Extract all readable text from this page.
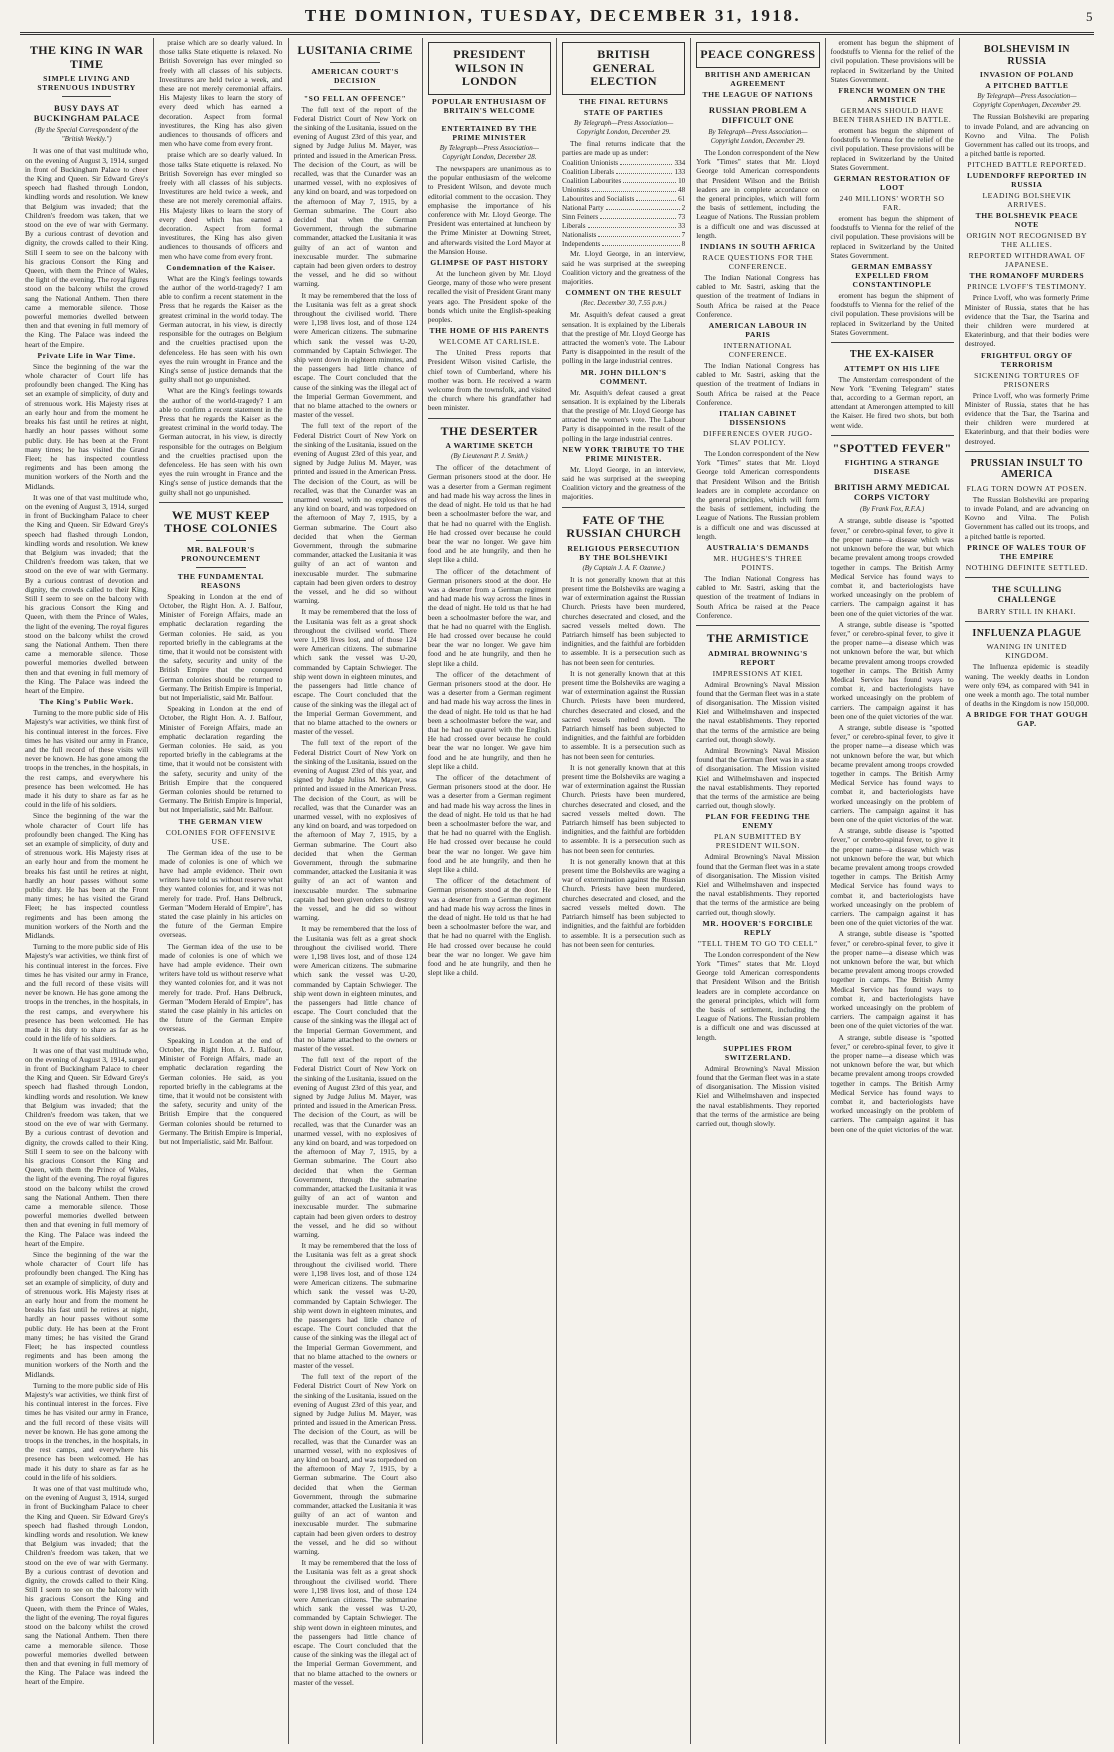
THE DOMINION, TUESDAY, DECEMBER 31, 1918.	5
THE KING IN WAR TIME
SIMPLE LIVING AND STRENUOUS INDUSTRY
BUSY DAYS AT BUCKINGHAM PALACE
(By the Special Correspondent of the "British Weekly.")

It was one of that vast multitude who, on the evening of August 3, 1914, surged in front of Buckingham Palace to cheer the King and Queen. Sir Edward Grey's speech had flashed through London, kindling words and resolution. We knew that Belgium was invaded; that the Children's freedom was taken, that we stood on the eve of war with Germany. By a curious contrast of devotion and dignity, the crowds called to their King. Still I seem to see on the balcony with his gracious Consort the King and Queen, with them the Prince of Wales, the light of the evening. The royal figures stood on the balcony whilst the crowd sang the National Anthem. Then there came a memorable silence. Those powerful memories dwelled between then and that evening in full memory of the King. The Palace was indeed the heart of the Empire.

Private Life in War Time.

Since the beginning of the war the whole character of Court life has profoundly been changed. The King has set an example of simplicity, of duty and of strenuous work. His Majesty rises at an early hour and from the moment he breaks his fast until he retires at night, hardly an hour passes without some public duty. He has been at the Front many times; he has visited the Grand Fleet; he has inspected countless regiments and has been among the munition workers of the North and the Midlands.

It was one of that vast multitude who, on the evening of August 3, 1914, surged in front of Buckingham Palace to cheer the King and Queen. Sir Edward Grey's speech had flashed through London, kindling words and resolution. We knew that Belgium was invaded; that the Children's freedom was taken, that we stood on the eve of war with Germany. By a curious contrast of devotion and dignity, the crowds called to their King. Still I seem to see on the balcony with his gracious Consort the King and Queen, with them the Prince of Wales, the light of the evening. The royal figures stood on the balcony whilst the crowd sang the National Anthem. Then there came a memorable silence. Those powerful memories dwelled between then and that evening in full memory of the King. The Palace was indeed the heart of the Empire.

The King's Public Work.

Turning to the more public side of His Majesty's war activities, we think first of his continual interest in the forces. Five times he has visited our army in France, and the full record of these visits will never be known. He has gone among the troops in the trenches, in the hospitals, in the rest camps, and everywhere his presence has been welcomed. He has made it his duty to share as far as he could in the life of his soldiers.

Since the beginning of the war the whole character of Court life has profoundly been changed. The King has set an example of simplicity, of duty and of strenuous work. His Majesty rises at an early hour and from the moment he breaks his fast until he retires at night, hardly an hour passes without some public duty. He has been at the Front many times; he has visited the Grand Fleet; he has inspected countless regiments and has been among the munition workers of the North and the Midlands.

Turning to the more public side of His Majesty's war activities, we think first of his continual interest in the forces. Five times he has visited our army in France, and the full record of these visits will never be known. He has gone among the troops in the trenches, in the hospitals, in the rest camps, and everywhere his presence has been welcomed. He has made it his duty to share as far as he could in the life of his soldiers.

It was one of that vast multitude who, on the evening of August 3, 1914, surged in front of Buckingham Palace to cheer the King and Queen. Sir Edward Grey's speech had flashed through London, kindling words and resolution. We knew that Belgium was invaded; that the Children's freedom was taken, that we stood on the eve of war with Germany. By a curious contrast of devotion and dignity, the crowds called to their King. Still I seem to see on the balcony with his gracious Consort the King and Queen, with them the Prince of Wales, the light of the evening. The royal figures stood on the balcony whilst the crowd sang the National Anthem. Then there came a memorable silence. Those powerful memories dwelled between then and that evening in full memory of the King. The Palace was indeed the heart of the Empire.

Since the beginning of the war the whole character of Court life has profoundly been changed. The King has set an example of simplicity, of duty and of strenuous work. His Majesty rises at an early hour and from the moment he breaks his fast until he retires at night, hardly an hour passes without some public duty. He has been at the Front many times; he has visited the Grand Fleet; he has inspected countless regiments and has been among the munition workers of the North and the Midlands.

Turning to the more public side of His Majesty's war activities, we think first of his continual interest in the forces. Five times he has visited our army in France, and the full record of these visits will never be known. He has gone among the troops in the trenches, in the hospitals, in the rest camps, and everywhere his presence has been welcomed. He has made it his duty to share as far as he could in the life of his soldiers.

It was one of that vast multitude who, on the evening of August 3, 1914, surged in front of Buckingham Palace to cheer the King and Queen. Sir Edward Grey's speech had flashed through London, kindling words and resolution. We knew that Belgium was invaded; that the Children's freedom was taken, that we stood on the eve of war with Germany. By a curious contrast of devotion and dignity, the crowds called to their King. Still I seem to see on the balcony with his gracious Consort the King and Queen, with them the Prince of Wales, the light of the evening. The royal figures stood on the balcony whilst the crowd sang the National Anthem. Then there came a memorable silence. Those powerful memories dwelled between then and that evening in full memory of the King. The Palace was indeed the heart of the Empire.

praise which are so dearly valued. In those talks State etiquette is relaxed. No British Sovereign has ever mingled so freely with all classes of his subjects. Investitures are held twice a week, and these are not merely ceremonial affairs. His Majesty likes to learn the story of every deed which has earned a decoration. Aspect from formal investitures, the King has also given audiences to thousands of officers and men who have come from every front.

praise which are so dearly valued. In those talks State etiquette is relaxed. No British Sovereign has ever mingled so freely with all classes of his subjects. Investitures are held twice a week, and these are not merely ceremonial affairs. His Majesty likes to learn the story of every deed which has earned a decoration. Aspect from formal investitures, the King has also given audiences to thousands of officers and men who have come from every front.

Condemnation of the Kaiser.

What are the King's feelings towards the author of the world-tragedy? I am able to confirm a recent statement in the Press that he regards the Kaiser as the greatest criminal in the world today. The German autocrat, in his view, is directly responsible for the outrages on Belgium and the cruelties practised upon the defenceless. He has seen with his own eyes the ruin wrought in France and the King's sense of justice demands that the guilty shall not go unpunished.

What are the King's feelings towards the author of the world-tragedy? I am able to confirm a recent statement in the Press that he regards the Kaiser as the greatest criminal in the world today. The German autocrat, in his view, is directly responsible for the outrages on Belgium and the cruelties practised upon the defenceless. He has seen with his own eyes the ruin wrought in France and the King's sense of justice demands that the guilty shall not go unpunished.

WE MUST KEEP THOSE COLONIES
MR. BALFOUR'S PRONOUNCEMENT
THE FUNDAMENTAL REASONS

Speaking in London at the end of October, the Right Hon. A. J. Balfour, Minister of Foreign Affairs, made an emphatic declaration regarding the German colonies. He said, as you reported briefly in the cablegrams at the time, that it would not be consistent with the safety, security and unity of the British Empire that the conquered German colonies should be returned to Germany. The British Empire is Imperial, but not Imperialistic, said Mr. Balfour.

Speaking in London at the end of October, the Right Hon. A. J. Balfour, Minister of Foreign Affairs, made an emphatic declaration regarding the German colonies. He said, as you reported briefly in the cablegrams at the time, that it would not be consistent with the safety, security and unity of the British Empire that the conquered German colonies should be returned to Germany. The British Empire is Imperial, but not Imperialistic, said Mr. Balfour.

THE GERMAN VIEW
COLONIES FOR OFFENSIVE USE.

The German idea of the use to be made of colonies is one of which we have had ample evidence. Their own writers have told us without reserve what they wanted colonies for, and it was not merely for trade. Prof. Hans Delbruck, German "Modern Herald of Empire", has stated the case plainly in his articles on the future of the German Empire overseas.

The German idea of the use to be made of colonies is one of which we have had ample evidence. Their own writers have told us without reserve what they wanted colonies for, and it was not merely for trade. Prof. Hans Delbruck, German "Modern Herald of Empire", has stated the case plainly in his articles on the future of the German Empire overseas.

Speaking in London at the end of October, the Right Hon. A. J. Balfour, Minister of Foreign Affairs, made an emphatic declaration regarding the German colonies. He said, as you reported briefly in the cablegrams at the time, that it would not be consistent with the safety, security and unity of the British Empire that the conquered German colonies should be returned to Germany. The British Empire is Imperial, but not Imperialistic, said Mr. Balfour.

LUSITANIA CRIME
AMERICAN COURT'S DECISION
"SO FELL AN OFFENCE"

The full text of the report of the Federal District Court of New York on the sinking of the Lusitania, issued on the evening of August 23rd of this year, and signed by Judge Julius M. Mayer, was printed and issued in the American Press. The decision of the Court, as will be recalled, was that the Cunarder was an unarmed vessel, with no explosives of any kind on board, and was torpedoed on the afternoon of May 7, 1915, by a German submarine. The Court also decided that when the German Government, through the submarine commander, attacked the Lusitania it was guilty of an act of wanton and inexcusable murder. The submarine captain had been given orders to destroy the vessel, and he did so without warning.

It may be remembered that the loss of the Lusitania was felt as a great shock throughout the civilised world. There were 1,198 lives lost, and of those 124 were American citizens. The submarine which sank the vessel was U-20, commanded by Captain Schwieger. The ship went down in eighteen minutes, and the passengers had little chance of escape. The Court concluded that the cause of the sinking was the illegal act of the Imperial German Government, and that no blame attached to the owners or master of the vessel.

The full text of the report of the Federal District Court of New York on the sinking of the Lusitania, issued on the evening of August 23rd of this year, and signed by Judge Julius M. Mayer, was printed and issued in the American Press. The decision of the Court, as will be recalled, was that the Cunarder was an unarmed vessel, with no explosives of any kind on board, and was torpedoed on the afternoon of May 7, 1915, by a German submarine. The Court also decided that when the German Government, through the submarine commander, attacked the Lusitania it was guilty of an act of wanton and inexcusable murder. The submarine captain had been given orders to destroy the vessel, and he did so without warning.

It may be remembered that the loss of the Lusitania was felt as a great shock throughout the civilised world. There were 1,198 lives lost, and of those 124 were American citizens. The submarine which sank the vessel was U-20, commanded by Captain Schwieger. The ship went down in eighteen minutes, and the passengers had little chance of escape. The Court concluded that the cause of the sinking was the illegal act of the Imperial German Government, and that no blame attached to the owners or master of the vessel.

The full text of the report of the Federal District Court of New York on the sinking of the Lusitania, issued on the evening of August 23rd of this year, and signed by Judge Julius M. Mayer, was printed and issued in the American Press. The decision of the Court, as will be recalled, was that the Cunarder was an unarmed vessel, with no explosives of any kind on board, and was torpedoed on the afternoon of May 7, 1915, by a German submarine. The Court also decided that when the German Government, through the submarine commander, attacked the Lusitania it was guilty of an act of wanton and inexcusable murder. The submarine captain had been given orders to destroy the vessel, and he did so without warning.

It may be remembered that the loss of the Lusitania was felt as a great shock throughout the civilised world. There were 1,198 lives lost, and of those 124 were American citizens. The submarine which sank the vessel was U-20, commanded by Captain Schwieger. The ship went down in eighteen minutes, and the passengers had little chance of escape. The Court concluded that the cause of the sinking was the illegal act of the Imperial German Government, and that no blame attached to the owners or master of the vessel.

The full text of the report of the Federal District Court of New York on the sinking of the Lusitania, issued on the evening of August 23rd of this year, and signed by Judge Julius M. Mayer, was printed and issued in the American Press. The decision of the Court, as will be recalled, was that the Cunarder was an unarmed vessel, with no explosives of any kind on board, and was torpedoed on the afternoon of May 7, 1915, by a German submarine. The Court also decided that when the German Government, through the submarine commander, attacked the Lusitania it was guilty of an act of wanton and inexcusable murder. The submarine captain had been given orders to destroy the vessel, and he did so without warning.

It may be remembered that the loss of the Lusitania was felt as a great shock throughout the civilised world. There were 1,198 lives lost, and of those 124 were American citizens. The submarine which sank the vessel was U-20, commanded by Captain Schwieger. The ship went down in eighteen minutes, and the passengers had little chance of escape. The Court concluded that the cause of the sinking was the illegal act of the Imperial German Government, and that no blame attached to the owners or master of the vessel.

The full text of the report of the Federal District Court of New York on the sinking of the Lusitania, issued on the evening of August 23rd of this year, and signed by Judge Julius M. Mayer, was printed and issued in the American Press. The decision of the Court, as will be recalled, was that the Cunarder was an unarmed vessel, with no explosives of any kind on board, and was torpedoed on the afternoon of May 7, 1915, by a German submarine. The Court also decided that when the German Government, through the submarine commander, attacked the Lusitania it was guilty of an act of wanton and inexcusable murder. The submarine captain had been given orders to destroy the vessel, and he did so without warning.

It may be remembered that the loss of the Lusitania was felt as a great shock throughout the civilised world. There were 1,198 lives lost, and of those 124 were American citizens. The submarine which sank the vessel was U-20, commanded by Captain Schwieger. The ship went down in eighteen minutes, and the passengers had little chance of escape. The Court concluded that the cause of the sinking was the illegal act of the Imperial German Government, and that no blame attached to the owners or master of the vessel.

PRESIDENT WILSON IN LONDON
POPULAR ENTHUSIASM OF BRITAIN'S WELCOME
ENTERTAINED BY THE PRIME MINISTER
By Telegraph—Press Association—Copyright London, December 28.

The newspapers are unanimous as to the popular enthusiasm of the welcome to President Wilson, and devote much editorial comment to the occasion. They emphasise the importance of his conference with Mr. Lloyd George. The President was entertained at luncheon by the Prime Minister at Downing Street, and afterwards visited the Lord Mayor at the Mansion House.

GLIMPSE OF PAST HISTORY

At the luncheon given by Mr. Lloyd George, many of those who were present recalled the visit of President Grant many years ago. The President spoke of the bonds which unite the English-speaking peoples.

THE HOME OF HIS PARENTS
WELCOME AT CARLISLE.

The United Press reports that President Wilson visited Carlisle, the chief town of Cumberland, where his mother was born. He received a warm welcome from the townsfolk, and visited the church where his grandfather had been minister.

THE DESERTER
A WARTIME SKETCH
(By Lieutenant P. J. Smith.)

The officer of the detachment of German prisoners stood at the door. He was a deserter from a German regiment and had made his way across the lines in the dead of night. He told us that he had been a schoolmaster before the war, and that he had no quarrel with the English. He had crossed over because he could bear the war no longer. We gave him food and he ate hungrily, and then he slept like a child.

The officer of the detachment of German prisoners stood at the door. He was a deserter from a German regiment and had made his way across the lines in the dead of night. He told us that he had been a schoolmaster before the war, and that he had no quarrel with the English. He had crossed over because he could bear the war no longer. We gave him food and he ate hungrily, and then he slept like a child.

The officer of the detachment of German prisoners stood at the door. He was a deserter from a German regiment and had made his way across the lines in the dead of night. He told us that he had been a schoolmaster before the war, and that he had no quarrel with the English. He had crossed over because he could bear the war no longer. We gave him food and he ate hungrily, and then he slept like a child.

The officer of the detachment of German prisoners stood at the door. He was a deserter from a German regiment and had made his way across the lines in the dead of night. He told us that he had been a schoolmaster before the war, and that he had no quarrel with the English. He had crossed over because he could bear the war no longer. We gave him food and he ate hungrily, and then he slept like a child.

The officer of the detachment of German prisoners stood at the door. He was a deserter from a German regiment and had made his way across the lines in the dead of night. He told us that he had been a schoolmaster before the war, and that he had no quarrel with the English. He had crossed over because he could bear the war no longer. We gave him food and he ate hungrily, and then he slept like a child.

BRITISH GENERAL ELECTION
THE FINAL RETURNS
STATE OF PARTIES
By Telegraph—Press Association—Copyright London, December 29.

The final returns indicate that the parties are made up as under:

Coalition Unionists	334
Coalition Liberals	133
Coalition Labourites	10
Unionists	48
Labourites and Socialists	61
National Party	2
Sinn Feiners	73
Liberals	33
Nationalists	7
Independents	8

Mr. Lloyd George, in an interview, said he was surprised at the sweeping Coalition victory and the greatness of the majorities.

COMMENT ON THE RESULT
(Rec. December 30, 7.55 p.m.)

Mr. Asquith's defeat caused a great sensation. It is explained by the Liberals that the prestige of Mr. Lloyd George has attracted the women's vote. The Labour Party is disappointed in the result of the polling in the large industrial centres.

MR. JOHN DILLON'S COMMENT.

Mr. Asquith's defeat caused a great sensation. It is explained by the Liberals that the prestige of Mr. Lloyd George has attracted the women's vote. The Labour Party is disappointed in the result of the polling in the large industrial centres.

NEW YORK TRIBUTE TO THE PRIME MINISTER.

Mr. Lloyd George, in an interview, said he was surprised at the sweeping Coalition victory and the greatness of the majorities.

FATE OF THE RUSSIAN CHURCH
RELIGIOUS PERSECUTION BY THE BOLSHEVIKI
(By Captain J. A. F. Ozanne.)

It is not generally known that at this present time the Bolsheviks are waging a war of extermination against the Russian Church. Priests have been murdered, churches desecrated and closed, and the sacred vessels melted down. The Patriarch himself has been subjected to indignities, and the faithful are forbidden to assemble. It is a persecution such as has not been seen for centuries.

It is not generally known that at this present time the Bolsheviks are waging a war of extermination against the Russian Church. Priests have been murdered, churches desecrated and closed, and the sacred vessels melted down. The Patriarch himself has been subjected to indignities, and the faithful are forbidden to assemble. It is a persecution such as has not been seen for centuries.

It is not generally known that at this present time the Bolsheviks are waging a war of extermination against the Russian Church. Priests have been murdered, churches desecrated and closed, and the sacred vessels melted down. The Patriarch himself has been subjected to indignities, and the faithful are forbidden to assemble. It is a persecution such as has not been seen for centuries.

It is not generally known that at this present time the Bolsheviks are waging a war of extermination against the Russian Church. Priests have been murdered, churches desecrated and closed, and the sacred vessels melted down. The Patriarch himself has been subjected to indignities, and the faithful are forbidden to assemble. It is a persecution such as has not been seen for centuries.

PEACE CONGRESS
BRITISH AND AMERICAN AGREEMENT
THE LEAGUE OF NATIONS
RUSSIAN PROBLEM A DIFFICULT ONE
By Telegraph—Press Association—Copyright London, December 29.

The London correspondent of the New York "Times" states that Mr. Lloyd George told American correspondents that President Wilson and the British leaders are in complete accordance on the general principles, which will form the basis of settlement, including the League of Nations. The Russian problem is a difficult one and was discussed at length.

INDIANS IN SOUTH AFRICA
RACE QUESTIONS FOR THE CONFERENCE.

The Indian National Congress has cabled to Mr. Sastri, asking that the question of the treatment of Indians in South Africa be raised at the Peace Conference.

AMERICAN LABOUR IN PARIS
INTERNATIONAL CONFERENCE.

The Indian National Congress has cabled to Mr. Sastri, asking that the question of the treatment of Indians in South Africa be raised at the Peace Conference.

ITALIAN CABINET DISSENSIONS
DIFFERENCES OVER JUGO-SLAV POLICY.

The London correspondent of the New York "Times" states that Mr. Lloyd George told American correspondents that President Wilson and the British leaders are in complete accordance on the general principles, which will form the basis of settlement, including the League of Nations. The Russian problem is a difficult one and was discussed at length.

AUSTRALIA'S DEMANDS
MR. HUGHES'S THREE POINTS.

The Indian National Congress has cabled to Mr. Sastri, asking that the question of the treatment of Indians in South Africa be raised at the Peace Conference.

THE ARMISTICE
ADMIRAL BROWNING'S REPORT
IMPRESSIONS AT KIEL

Admiral Browning's Naval Mission found that the German fleet was in a state of disorganisation. The Mission visited Kiel and Wilhelmshaven and inspected the naval establishments. They reported that the terms of the armistice are being carried out, though slowly.

Admiral Browning's Naval Mission found that the German fleet was in a state of disorganisation. The Mission visited Kiel and Wilhelmshaven and inspected the naval establishments. They reported that the terms of the armistice are being carried out, though slowly.

PLAN FOR FEEDING THE ENEMY
PLAN SUBMITTED BY PRESIDENT WILSON.

Admiral Browning's Naval Mission found that the German fleet was in a state of disorganisation. The Mission visited Kiel and Wilhelmshaven and inspected the naval establishments. They reported that the terms of the armistice are being carried out, though slowly.

MR. HOOVER'S FORCIBLE REPLY
"TELL THEM TO GO TO CELL"

The London correspondent of the New York "Times" states that Mr. Lloyd George told American correspondents that President Wilson and the British leaders are in complete accordance on the general principles, which will form the basis of settlement, including the League of Nations. The Russian problem is a difficult one and was discussed at length.

SUPPLIES FROM SWITZERLAND.

Admiral Browning's Naval Mission found that the German fleet was in a state of disorganisation. The Mission visited Kiel and Wilhelmshaven and inspected the naval establishments. They reported that the terms of the armistice are being carried out, though slowly.

eroment has begun the shipment of foodstuffs to Vienna for the relief of the civil population. These provisions will be replaced in Switzerland by the United States Government.

FRENCH WOMEN ON THE ARMISTICE
GERMANS SHOULD HAVE BEEN THRASHED IN BATTLE.

eroment has begun the shipment of foodstuffs to Vienna for the relief of the civil population. These provisions will be replaced in Switzerland by the United States Government.

GERMAN RESTORATION OF LOOT
240 MILLIONS' WORTH SO FAR.

eroment has begun the shipment of foodstuffs to Vienna for the relief of the civil population. These provisions will be replaced in Switzerland by the United States Government.

GERMAN EMBASSY EXPELLED FROM CONSTANTINOPLE

eroment has begun the shipment of foodstuffs to Vienna for the relief of the civil population. These provisions will be replaced in Switzerland by the United States Government.

THE EX-KAISER
ATTEMPT ON HIS LIFE

The Amsterdam correspondent of the New York "Evening Telegram" states that, according to a German report, an attendant at Amerongen attempted to kill the Kaiser. He fired two shots, but both went wide.

"SPOTTED FEVER"
FIGHTING A STRANGE DISEASE
BRITISH ARMY MEDICAL CORPS VICTORY
(By Frank Fox, R.F.A.)

A strange, subtle disease is "spotted fever," or cerebro-spinal fever, to give it the proper name—a disease which was not unknown before the war, but which became prevalent among troops crowded together in camps. The British Army Medical Service has found ways to combat it, and bacteriologists have worked unceasingly on the problem of carriers. The campaign against it has been one of the quiet victories of the war.

A strange, subtle disease is "spotted fever," or cerebro-spinal fever, to give it the proper name—a disease which was not unknown before the war, but which became prevalent among troops crowded together in camps. The British Army Medical Service has found ways to combat it, and bacteriologists have worked unceasingly on the problem of carriers. The campaign against it has been one of the quiet victories of the war.

A strange, subtle disease is "spotted fever," or cerebro-spinal fever, to give it the proper name—a disease which was not unknown before the war, but which became prevalent among troops crowded together in camps. The British Army Medical Service has found ways to combat it, and bacteriologists have worked unceasingly on the problem of carriers. The campaign against it has been one of the quiet victories of the war.

A strange, subtle disease is "spotted fever," or cerebro-spinal fever, to give it the proper name—a disease which was not unknown before the war, but which became prevalent among troops crowded together in camps. The British Army Medical Service has found ways to combat it, and bacteriologists have worked unceasingly on the problem of carriers. The campaign against it has been one of the quiet victories of the war.

A strange, subtle disease is "spotted fever," or cerebro-spinal fever, to give it the proper name—a disease which was not unknown before the war, but which became prevalent among troops crowded together in camps. The British Army Medical Service has found ways to combat it, and bacteriologists have worked unceasingly on the problem of carriers. The campaign against it has been one of the quiet victories of the war.

A strange, subtle disease is "spotted fever," or cerebro-spinal fever, to give it the proper name—a disease which was not unknown before the war, but which became prevalent among troops crowded together in camps. The British Army Medical Service has found ways to combat it, and bacteriologists have worked unceasingly on the problem of carriers. The campaign against it has been one of the quiet victories of the war.

BOLSHEVISM IN RUSSIA
INVASION OF POLAND
A PITCHED BATTLE
By Telegraph—Press Association—Copyright Copenhagen, December 29.

The Russian Bolsheviki are preparing to invade Poland, and are advancing on Kovno and Vilna. The Polish Government has called out its troops, and a pitched battle is reported.

PITCHED BATTLE REPORTED.
LUDENDORFF REPORTED IN RUSSIA
LEADING BOLSHEVIK ARRIVES.
THE BOLSHEVIK PEACE NOTE
ORIGIN NOT RECOGNISED BY THE ALLIES.
REPORTED WITHDRAWAL OF JAPANESE.
THE ROMANOFF MURDERS
PRINCE LVOFF'S TESTIMONY.

Prince Lvoff, who was formerly Prime Minister of Russia, states that he has evidence that the Tsar, the Tsarina and their children were murdered at Ekaterinburg, and that their bodies were destroyed.

FRIGHTFUL ORGY OF TERRORISM
SICKENING TORTURES OF PRISONERS

Prince Lvoff, who was formerly Prime Minister of Russia, states that he has evidence that the Tsar, the Tsarina and their children were murdered at Ekaterinburg, and that their bodies were destroyed.

PRUSSIAN INSULT TO AMERICA
FLAG TORN DOWN AT POSEN.

The Russian Bolsheviki are preparing to invade Poland, and are advancing on Kovno and Vilna. The Polish Government has called out its troops, and a pitched battle is reported.

PRINCE OF WALES TOUR OF THE EMPIRE
NOTHING DEFINITE SETTLED.
THE SCULLING CHALLENGE
BARRY STILL IN KHAKI.
INFLUENZA PLAGUE
WANING IN UNITED KINGDOM.

The Influenza epidemic is steadily waning. The weekly deaths in London were only 694, as compared with 941 in one week a month ago. The total number of deaths in the Kingdom is now 150,000.

A BRIDGE FOR THAT GOUGH GAP.
